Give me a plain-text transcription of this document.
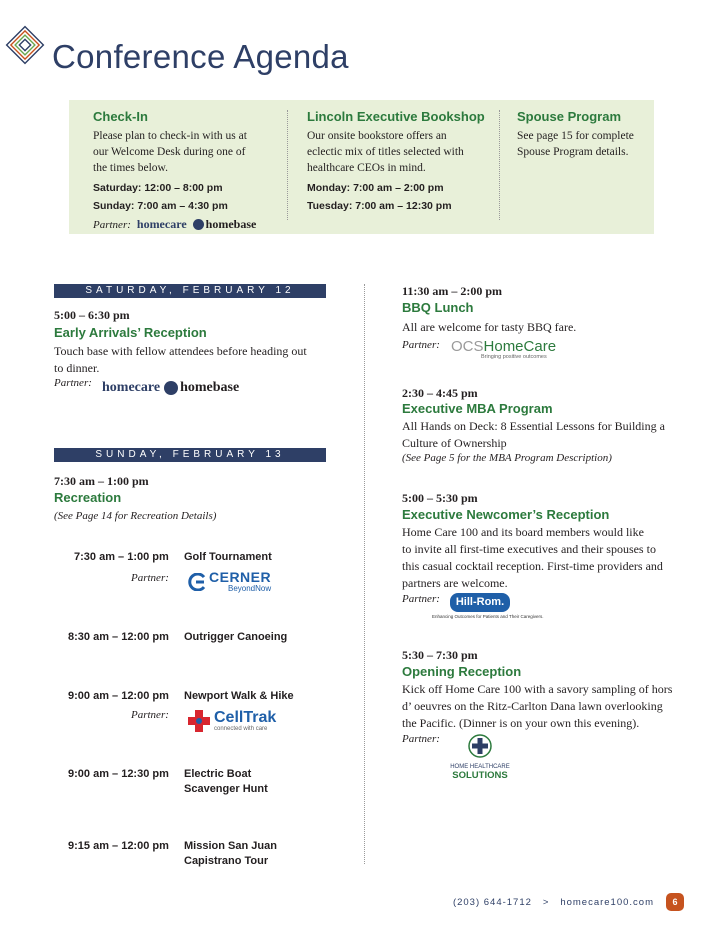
Conference Agenda
Check-In

Please plan to check-in with us at
our Welcome Desk during one of
the times below.

Saturday: 12:00 – 8:00 pm
Sunday: 7:00 am – 4:30 pm
Partner: homecare homebase
Lincoln Executive Bookshop

Our onsite bookstore offers an
eclectic mix of titles selected with
healthcare CEOs in mind.

Monday: 7:00 am – 2:00 pm
Tuesday: 7:00 am – 12:30 pm
Spouse Program

See page 15 for complete
Spouse Program details.

SATURDAY, FEBRUARY 12
5:00 – 6:30 pm
Early Arrivals’ Reception
Touch base with fellow attendees before heading out
to dinner.
Partner: homecare homebase
SUNDAY, FEBRUARY 13
7:30 am – 1:00 pm
Recreation
(See Page 14 for Recreation Details)
7:30 am – 1:00 pm Golf Tournament
Partner:	CERNER
BeyondNow
8:30 am – 12:00 pm Outrigger Canoeing
9:00 am – 12:00 pm Newport Walk & Hike
Partner:	CellTrak
connected with care
9:00 am – 12:30 pm Electric Boat
Scavenger Hunt
9:15 am – 12:00 pm Mission San Juan
Capistrano Tour
11:30 am – 2:00 pm
BBQ Lunch
All are welcome for tasty BBQ fare.
Partner: OCSHomeCare
Bringing positive outcomes
2:30 – 4:45 pm
Executive MBA Program
All Hands on Deck: 8 Essential Lessons for Building a
Culture of Ownership
(See Page 5 for the MBA Program Description)
5:00 – 5:30 pm
Executive Newcomer’s Reception
Home Care 100 and its board members would like
to invite all first-time executives and their spouses to
this casual cocktail reception. First-time providers and
partners are welcome.
Partner:	Hill-Rom.
Enhancing Outcomes for Patients and Their Caregivers.
5:30 – 7:30 pm
Opening Reception
Kick off Home Care 100 with a savory sampling of hors
d’ oeuvres on the Ritz-Carlton Dana lawn overlooking
the Pacific. (Dinner is on your own this evening).
Partner:
HOME HEALTHCARE
SOLUTIONS
(203) 644-1712 > homecare100.com	6
